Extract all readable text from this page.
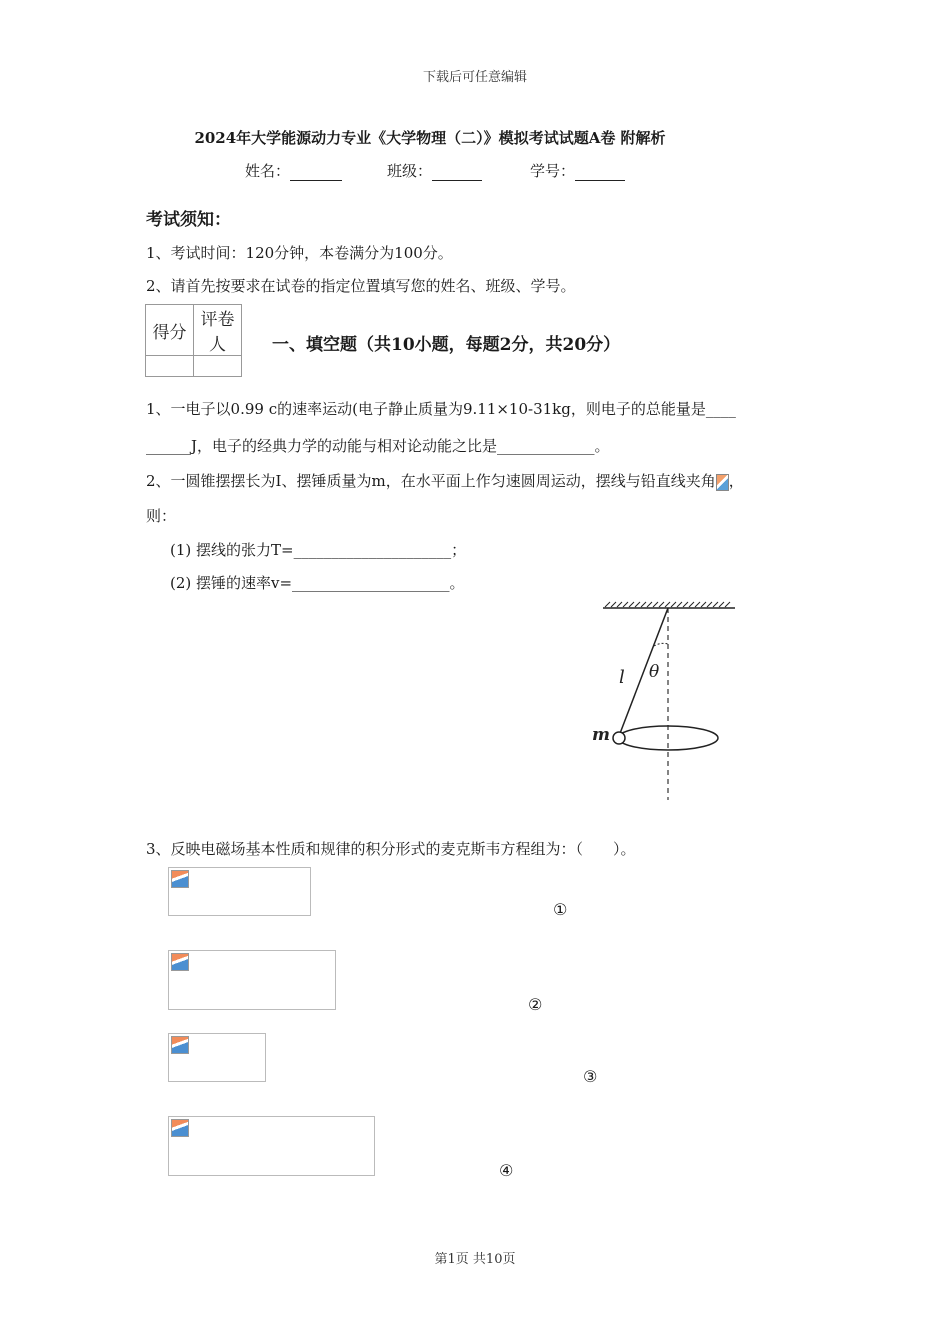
下载后可任意编辑
2024年大学能源动力专业《大学物理（二）》模拟考试试题A卷 附解析
姓名：	班级：	学号：
考试须知：
1、考试时间：120分钟，本卷满分为100分。
2、请首先按要求在试卷的指定位置填写您的姓名、班级、学号。
得分	评卷人
		一、填空题（共10小题，每题2分，共20分）
1、一电子以0.99 c的速率运动(电子静止质量为9.11×10-31kg，则电子的总能量是____
______J，电子的经典力学的动能与相对论动能之比是_____________。
2、一圆锥摆摆长为I、摆锤质量为m，在水平面上作匀速圆周运动，摆线与铅直线夹角 ，
则：
(1) 摆线的张力T=_____________________；
(2) 摆锤的速率v=_____________________。
l θ
m
3、反映电磁场基本性质和规律的积分形式的麦克斯韦方程组为：（　　）。
①
②
③
④
第1页 共10页
